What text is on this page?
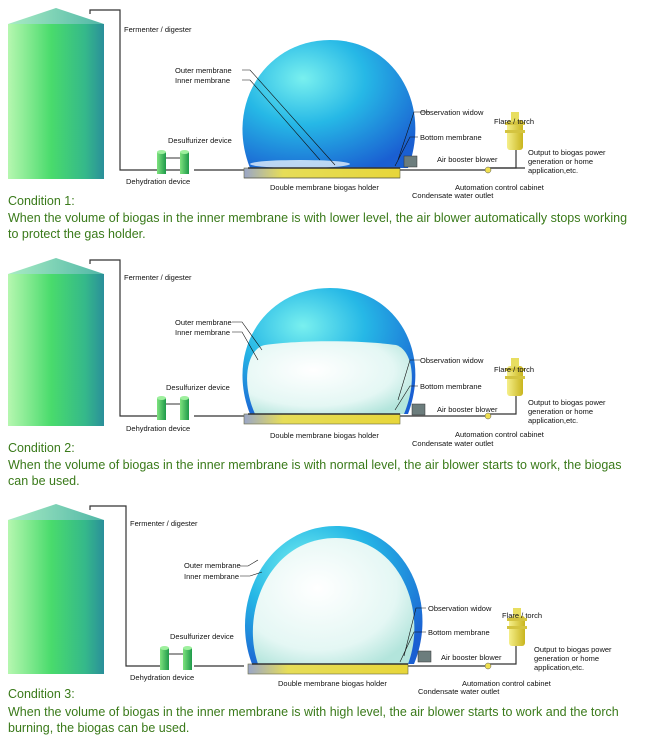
Fermenter / digester
Outer membrane
Inner membrane
Observation widow
Bottom membrane
Air booster blower
Flare / torch
Output to biogas power generation or home application,etc.
Desulfurizer device
Dehydration device
Double membrane biogas holder	Automation control cabinet
Condensate water outlet
Condition 1:
When the volume of biogas in the inner membrane is with lower level, the air blower automatically stops working to protect the gas holder.
Fermenter / digester
Outer membrane
Inner membrane
Observation widow
Bottom membrane
Air booster blower
Flare / torch
Output to biogas power generation or home application,etc.
Desulfurizer device
Dehydration device
Double membrane biogas holder	Automation control cabinet
Condensate water outlet
Condition 2:
When the volume of biogas in the inner membrane is with normal level, the air blower starts to work, the biogas can be used.
Fermenter / digester
Outer membrane
Inner membrane
Observation widow
Bottom membrane
Air booster blower
Flare / torch
Output to biogas power generation or home application,etc.
Desulfurizer device
Dehydration device
Double membrane biogas holder	Automation control cabinet
Condensate water outlet
Condition 3:
When the volume of biogas in the inner membrane is with high level, the air blower starts to work and the torch burning, the biogas can be used.
